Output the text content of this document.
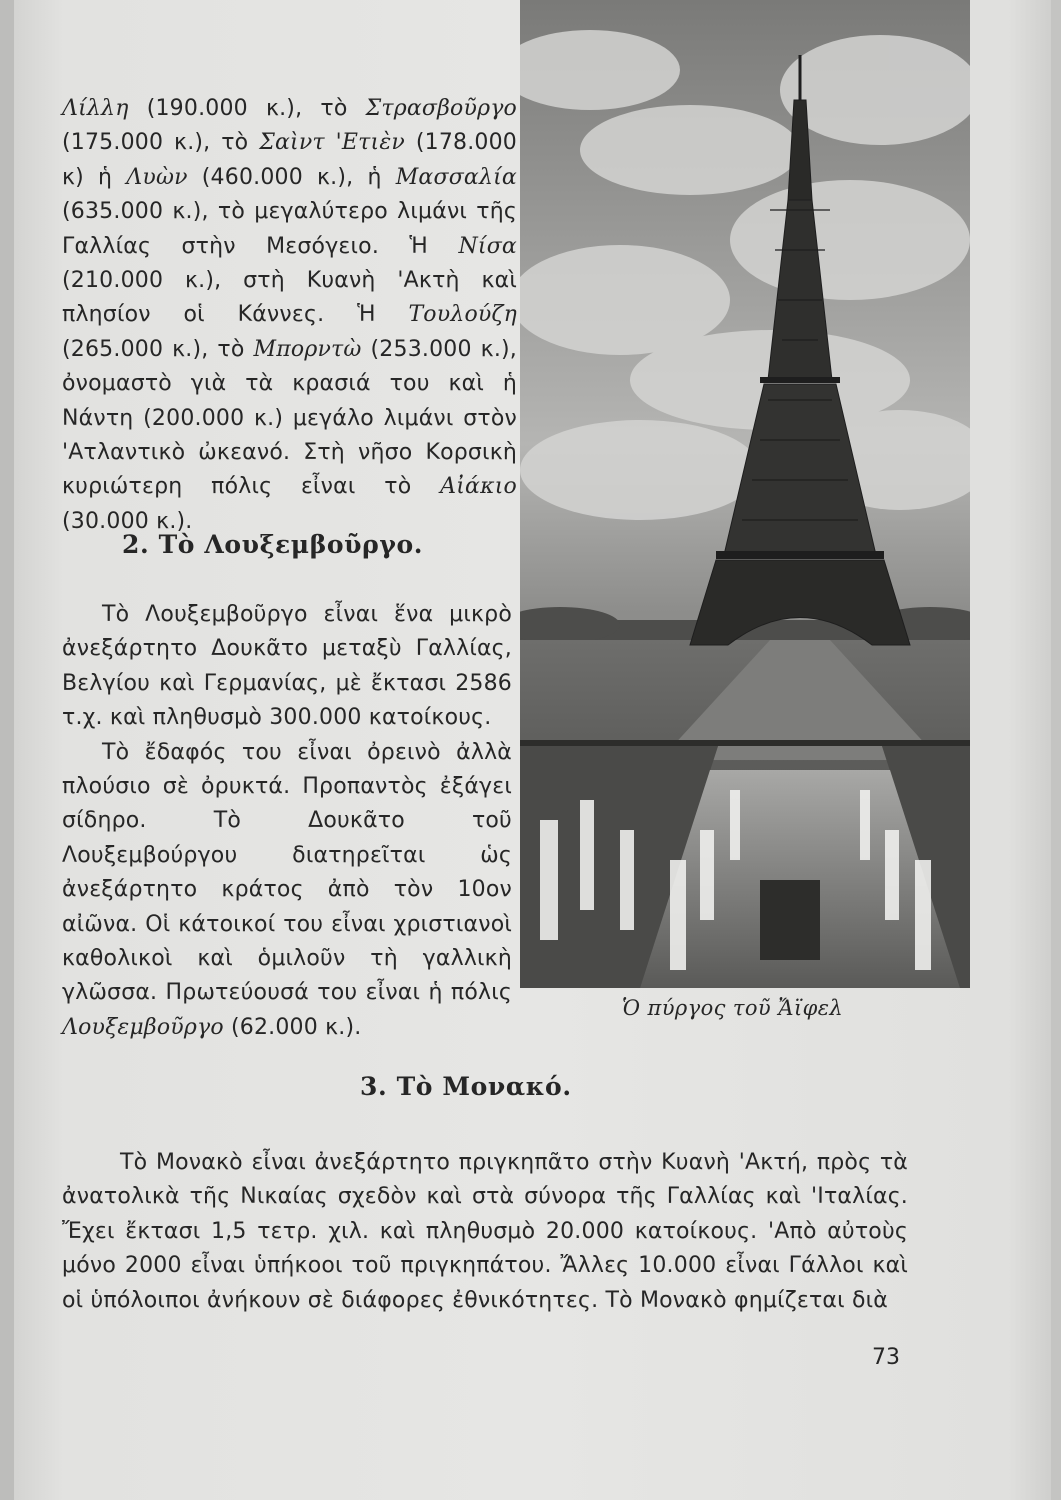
Λίλλη (190.000 κ.), τὸ Στρασβοῦργο (175.000 κ.), τὸ Σαὶντ 'Ετιὲν (178.000 κ) ἡ Λυὼν (460.000 κ.), ἡ Μασσαλία (635.000 κ.), τὸ μεγαλύτερο λιμάνι τῆς Γαλλίας στὴν Μεσόγειο. Ἡ Νίσα (210.000 κ.), στὴ Κυανὴ 'Ακτὴ καὶ πλησίον οἱ Κάννες. Ἡ Τουλούζη (265.000 κ.), τὸ Μπορντὼ (253.000 κ.), ὀνομαστὸ γιὰ τὰ κρασιά του καὶ ἡ Νάντη (200.000 κ.) μεγάλο λιμάνι στὸν 'Ατλαντικὸ ὠκεανό. Στὴ νῆσο Κορσικὴ κυριώτερη πόλις εἶναι τὸ Αἰάκιο (30.000 κ.).

2. Τὸ Λουξεμβοῦργο.

Τὸ Λουξεμβοῦργο εἶναι ἕνα μικρὸ ἀνεξάρτητο Δουκᾶτο μεταξὺ Γαλλίας, Βελγίου καὶ Γερμανίας, μὲ ἔκτασι 2586 τ.χ. καὶ πληθυσμὸ 300.000 κατοίκους.

Τὸ ἔδαφός του εἶναι ὀρεινὸ ἀλλὰ πλούσιο σὲ ὀρυκτά. Προπαντὸς ἐξάγει σίδηρο. Τὸ Δουκᾶτο τοῦ Λουξεμβούργου διατηρεῖται ὡς ἀνεξάρτητο κράτος ἀπὸ τὸν 10ον αἰῶνα. Οἱ κάτοικοί του εἶναι χριστιανοὶ καθολικοὶ καὶ ὁμιλοῦν τὴ γαλλικὴ γλῶσσα. Πρωτεύουσά του εἶναι ἡ πόλις Λουξεμβοῦργο (62.000 κ.).

Ὁ πύργος τοῦ Ἄϊφελ
3. Τὸ Μονακό.

Τὸ Μονακὸ εἶναι ἀνεξάρτητο πριγκηπᾶτο στὴν Κυανὴ 'Ακτή, πρὸς τὰ ἀνατολικὰ τῆς Νικαίας σχεδὸν καὶ στὰ σύνορα τῆς Γαλλίας καὶ 'Ιταλίας. Ἔχει ἔκτασι 1,5 τετρ. χιλ. καὶ πληθυσμὸ 20.000 κατοίκους. 'Απὸ αὐτοὺς μόνο 2000 εἶναι ὑπήκοοι τοῦ πριγκηπάτου. Ἄλλες 10.000 εἶναι Γάλλοι καὶ οἱ ὑπόλοιποι ἀνήκουν σὲ διάφορες ἐθνικότητες. Τὸ Μονακὸ φημίζεται διὰ

73
